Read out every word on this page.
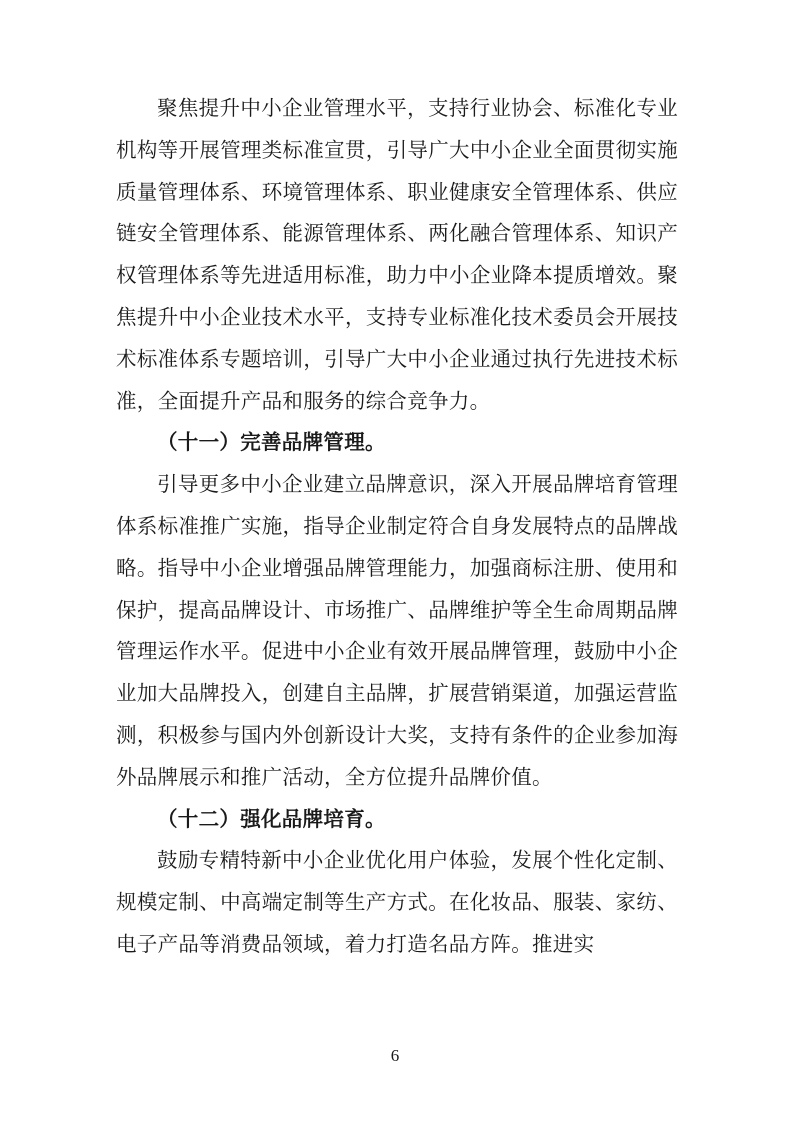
聚焦提升中小企业管理水平，支持行业协会、标准化专业机构等开展管理类标准宣贯，引导广大中小企业全面贯彻实施质量管理体系、环境管理体系、职业健康安全管理体系、供应链安全管理体系、能源管理体系、两化融合管理体系、知识产权管理体系等先进适用标准，助力中小企业降本提质增效。聚焦提升中小企业技术水平，支持专业标准化技术委员会开展技术标准体系专题培训，引导广大中小企业通过执行先进技术标准，全面提升产品和服务的综合竞争力。

（十一）完善品牌管理。

引导更多中小企业建立品牌意识，深入开展品牌培育管理体系标准推广实施，指导企业制定符合自身发展特点的品牌战略。指导中小企业增强品牌管理能力，加强商标注册、使用和保护，提高品牌设计、市场推广、品牌维护等全生命周期品牌管理运作水平。促进中小企业有效开展品牌管理，鼓励中小企业加大品牌投入，创建自主品牌，扩展营销渠道，加强运营监测，积极参与国内外创新设计大奖，支持有条件的企业参加海外品牌展示和推广活动，全方位提升品牌价值。

（十二）强化品牌培育。

鼓励专精特新中小企业优化用户体验，发展个性化定制、规模定制、中高端定制等生产方式。在化妆品、服装、家纺、电子产品等消费品领域，着力打造名品方阵。推进实

6
